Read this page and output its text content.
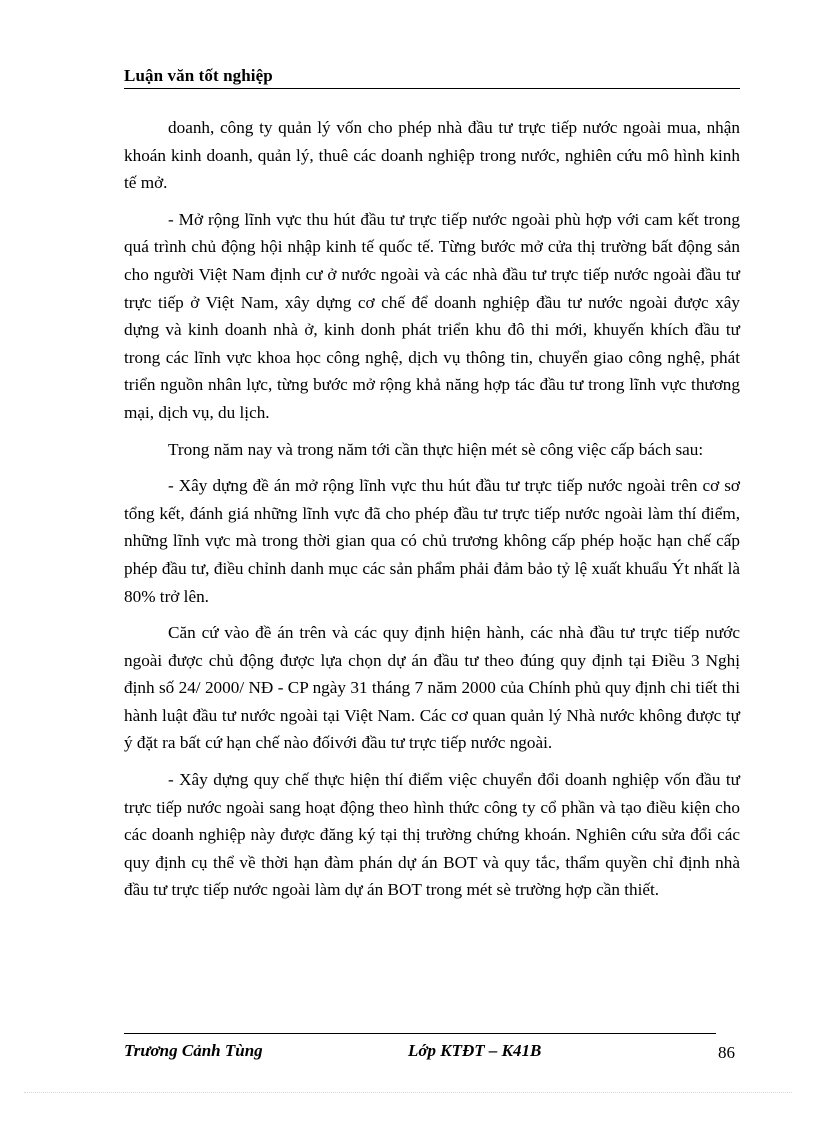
Luận văn tốt nghiệp

doanh, công ty quản lý vốn cho phép nhà đầu tư trực tiếp nước ngoài mua, nhận khoán kinh doanh, quản lý, thuê các doanh nghiệp trong nước, nghiên cứu mô hình kinh tế mở.

- Mở rộng lĩnh vực thu hút đầu tư trực tiếp nước ngoài phù hợp với cam kết trong quá trình chủ động hội nhập kinh tế quốc tế. Từng bước mở cửa thị trường bất động sản cho người Việt Nam định cư ở nước ngoài và các nhà đầu tư trực tiếp nước ngoài đầu tư trực tiếp ở Việt Nam, xây dựng cơ chế để doanh nghiệp đầu tư nước ngoài được xây dựng và kinh doanh nhà ở, kinh donh phát triển khu đô thi mới, khuyến khích đầu tư trong các lĩnh vực khoa học công nghệ, dịch vụ thông tin, chuyển giao công nghệ, phát triển nguồn nhân lực, từng bước mở rộng khả năng hợp tác đầu tư trong lĩnh vực thương mại, dịch vụ, du lịch.

Trong năm nay và trong năm tới cần thực hiện mét sè công việc cấp bách sau:

- Xây dựng đề án mở rộng lĩnh vực thu hút đầu tư trực tiếp nước ngoài trên cơ sơ tổng kết, đánh giá những lĩnh vực đã cho phép đầu tư trực tiếp nước ngoài làm thí điểm, những lĩnh vực mà trong thời gian qua có chủ trương không cấp phép hoặc hạn chế cấp phép đầu tư, điều chỉnh danh mục các sản phẩm phải đảm bảo tỷ lệ xuất khuẩu Ýt nhất là 80% trở lên.

Căn cứ vào đề án trên và các quy định hiện hành, các nhà đầu tư trực tiếp nước ngoài được chủ động được lựa chọn dự án đầu tư theo đúng quy định tại Điều 3 Nghị định số 24/ 2000/ NĐ - CP ngày 31 tháng 7 năm 2000 của Chính phủ quy định chi tiết thi hành luật đầu tư nước ngoài tại Việt Nam. Các cơ quan quản lý Nhà nước không được tự ý đặt ra bất cứ hạn chế nào đốivới đầu tư trực tiếp nước ngoài.

- Xây dựng quy chế thực hiện thí điểm việc chuyển đổi doanh nghiệp vốn đầu tư trực tiếp nước ngoài sang hoạt động theo hình thức công ty cổ phần và tạo điều kiện cho các doanh nghiệp này được đăng ký tại thị trường chứng khoán. Nghiên cứu sửa đổi các quy định cụ thể về thời hạn đàm phán dự án BOT và quy tắc, thẩm quyền chỉ định nhà đầu tư trực tiếp nước ngoài làm dự án BOT trong mét sè trường hợp cần thiết.

Trương Cảnh Tùng	Lớp KTĐT – K41B	86
